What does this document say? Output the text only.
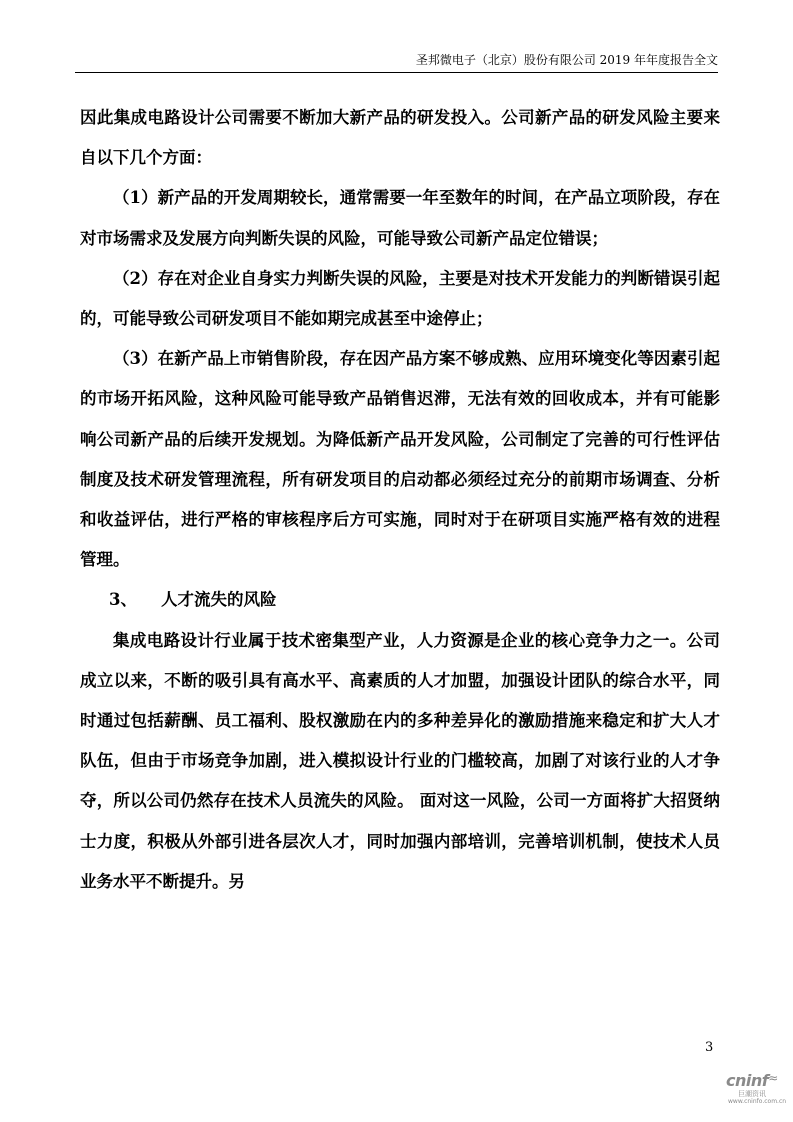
圣邦微电子（北京）股份有限公司 2019 年年度报告全文

因此集成电路设计公司需要不断加大新产品的研发投入。公司新产品的研发风险主要来自以下几个方面：

（1）新产品的开发周期较长，通常需要一年至数年的时间，在产品立项阶段，存在对市场需求及发展方向判断失误的风险，可能导致公司新产品定位错误；

（2）存在对企业自身实力判断失误的风险，主要是对技术开发能力的判断错误引起的，可能导致公司研发项目不能如期完成甚至中途停止；

（3）在新产品上市销售阶段，存在因产品方案不够成熟、应用环境变化等因素引起的市场开拓风险，这种风险可能导致产品销售迟滞，无法有效的回收成本，并有可能影响公司新产品的后续开发规划。为降低新产品开发风险，公司制定了完善的可行性评估制度及技术研发管理流程，所有研发项目的启动都必须经过充分的前期市场调查、分析和收益评估，进行严格的审核程序后方可实施，同时对于在研项目实施严格有效的进程管理。

3、 人才流失的风险

集成电路设计行业属于技术密集型产业，人力资源是企业的核心竞争力之一。公司成立以来，不断的吸引具有高水平、高素质的人才加盟，加强设计团队的综合水平，同时通过包括薪酬、员工福利、股权激励在内的多种差异化的激励措施来稳定和扩大人才队伍，但由于市场竞争加剧，进入模拟设计行业的门槛较高，加剧了对该行业的人才争夺，所以公司仍然存在技术人员流失的风险。 面对这一风险，公司一方面将扩大招贤纳士力度，积极从外部引进各层次人才，同时加强内部培训，完善培训机制，使技术人员业务水平不断提升。另

3
cninf≈
巨潮资讯
www.cninfo.com.cn
